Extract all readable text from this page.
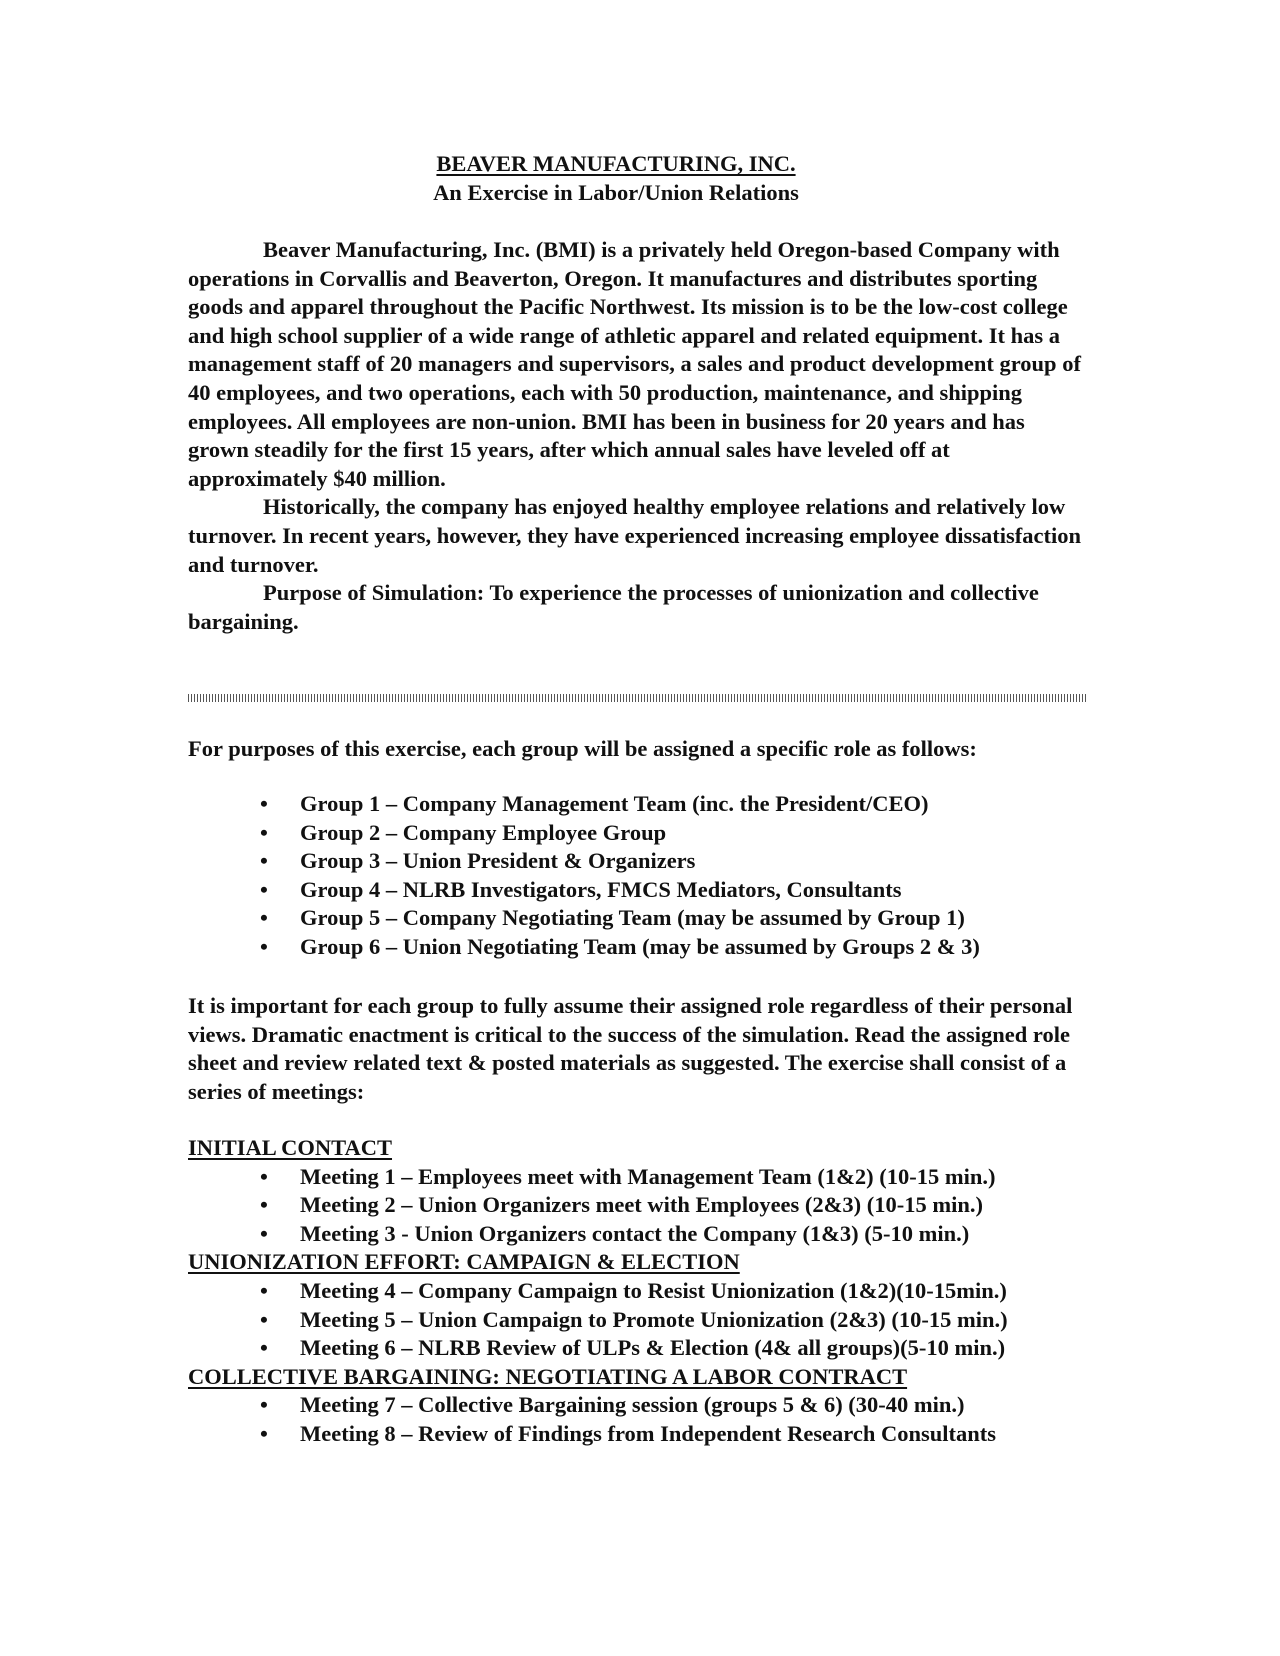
BEAVER MANUFACTURING, INC.
An Exercise in Labor/Union Relations

Beaver Manufacturing, Inc. (BMI) is a privately held Oregon-based Company with operations in Corvallis and Beaverton, Oregon. It manufactures and distributes sporting goods and apparel throughout the Pacific Northwest. Its mission is to be the low-cost college and high school supplier of a wide range of athletic apparel and related equipment. It has a management staff of 20 managers and supervisors, a sales and product development group of 40 employees, and two operations, each with 50 production, maintenance, and shipping employees. All employees are non-union. BMI has been in business for 20 years and has grown steadily for the first 15 years, after which annual sales have leveled off at approximately $40 million.

Historically, the company has enjoyed healthy employee relations and relatively low turnover. In recent years, however, they have experienced increasing employee dissatisfaction and turnover.

Purpose of Simulation: To experience the processes of unionization and collective bargaining.

For purposes of this exercise, each group will be assigned a specific role as follows:
• Group 1 – Company Management Team (inc. the President/CEO)
• Group 2 – Company Employee Group
• Group 3 – Union President & Organizers
• Group 4 – NLRB Investigators, FMCS Mediators, Consultants
• Group 5 – Company Negotiating Team (may be assumed by Group 1)
• Group 6 – Union Negotiating Team (may be assumed by Groups 2 & 3)

It is important for each group to fully assume their assigned role regardless of their personal views. Dramatic enactment is critical to the success of the simulation. Read the assigned role sheet and review related text & posted materials as suggested. The exercise shall consist of a series of meetings:

INITIAL CONTACT
• Meeting 1 – Employees meet with Management Team (1&2) (10-15 min.)
• Meeting 2 – Union Organizers meet with Employees (2&3) (10-15 min.)
• Meeting 3 - Union Organizers contact the Company (1&3) (5-10 min.)
UNIONIZATION EFFORT: CAMPAIGN & ELECTION
• Meeting 4 – Company Campaign to Resist Unionization (1&2)(10-15min.)
• Meeting 5 – Union Campaign to Promote Unionization (2&3) (10-15 min.)
• Meeting 6 – NLRB Review of ULPs & Election (4& all groups)(5-10 min.)
COLLECTIVE BARGAINING: NEGOTIATING A LABOR CONTRACT
• Meeting 7 – Collective Bargaining session (groups 5 & 6) (30-40 min.)
• Meeting 8 – Review of Findings from Independent Research Consultants
